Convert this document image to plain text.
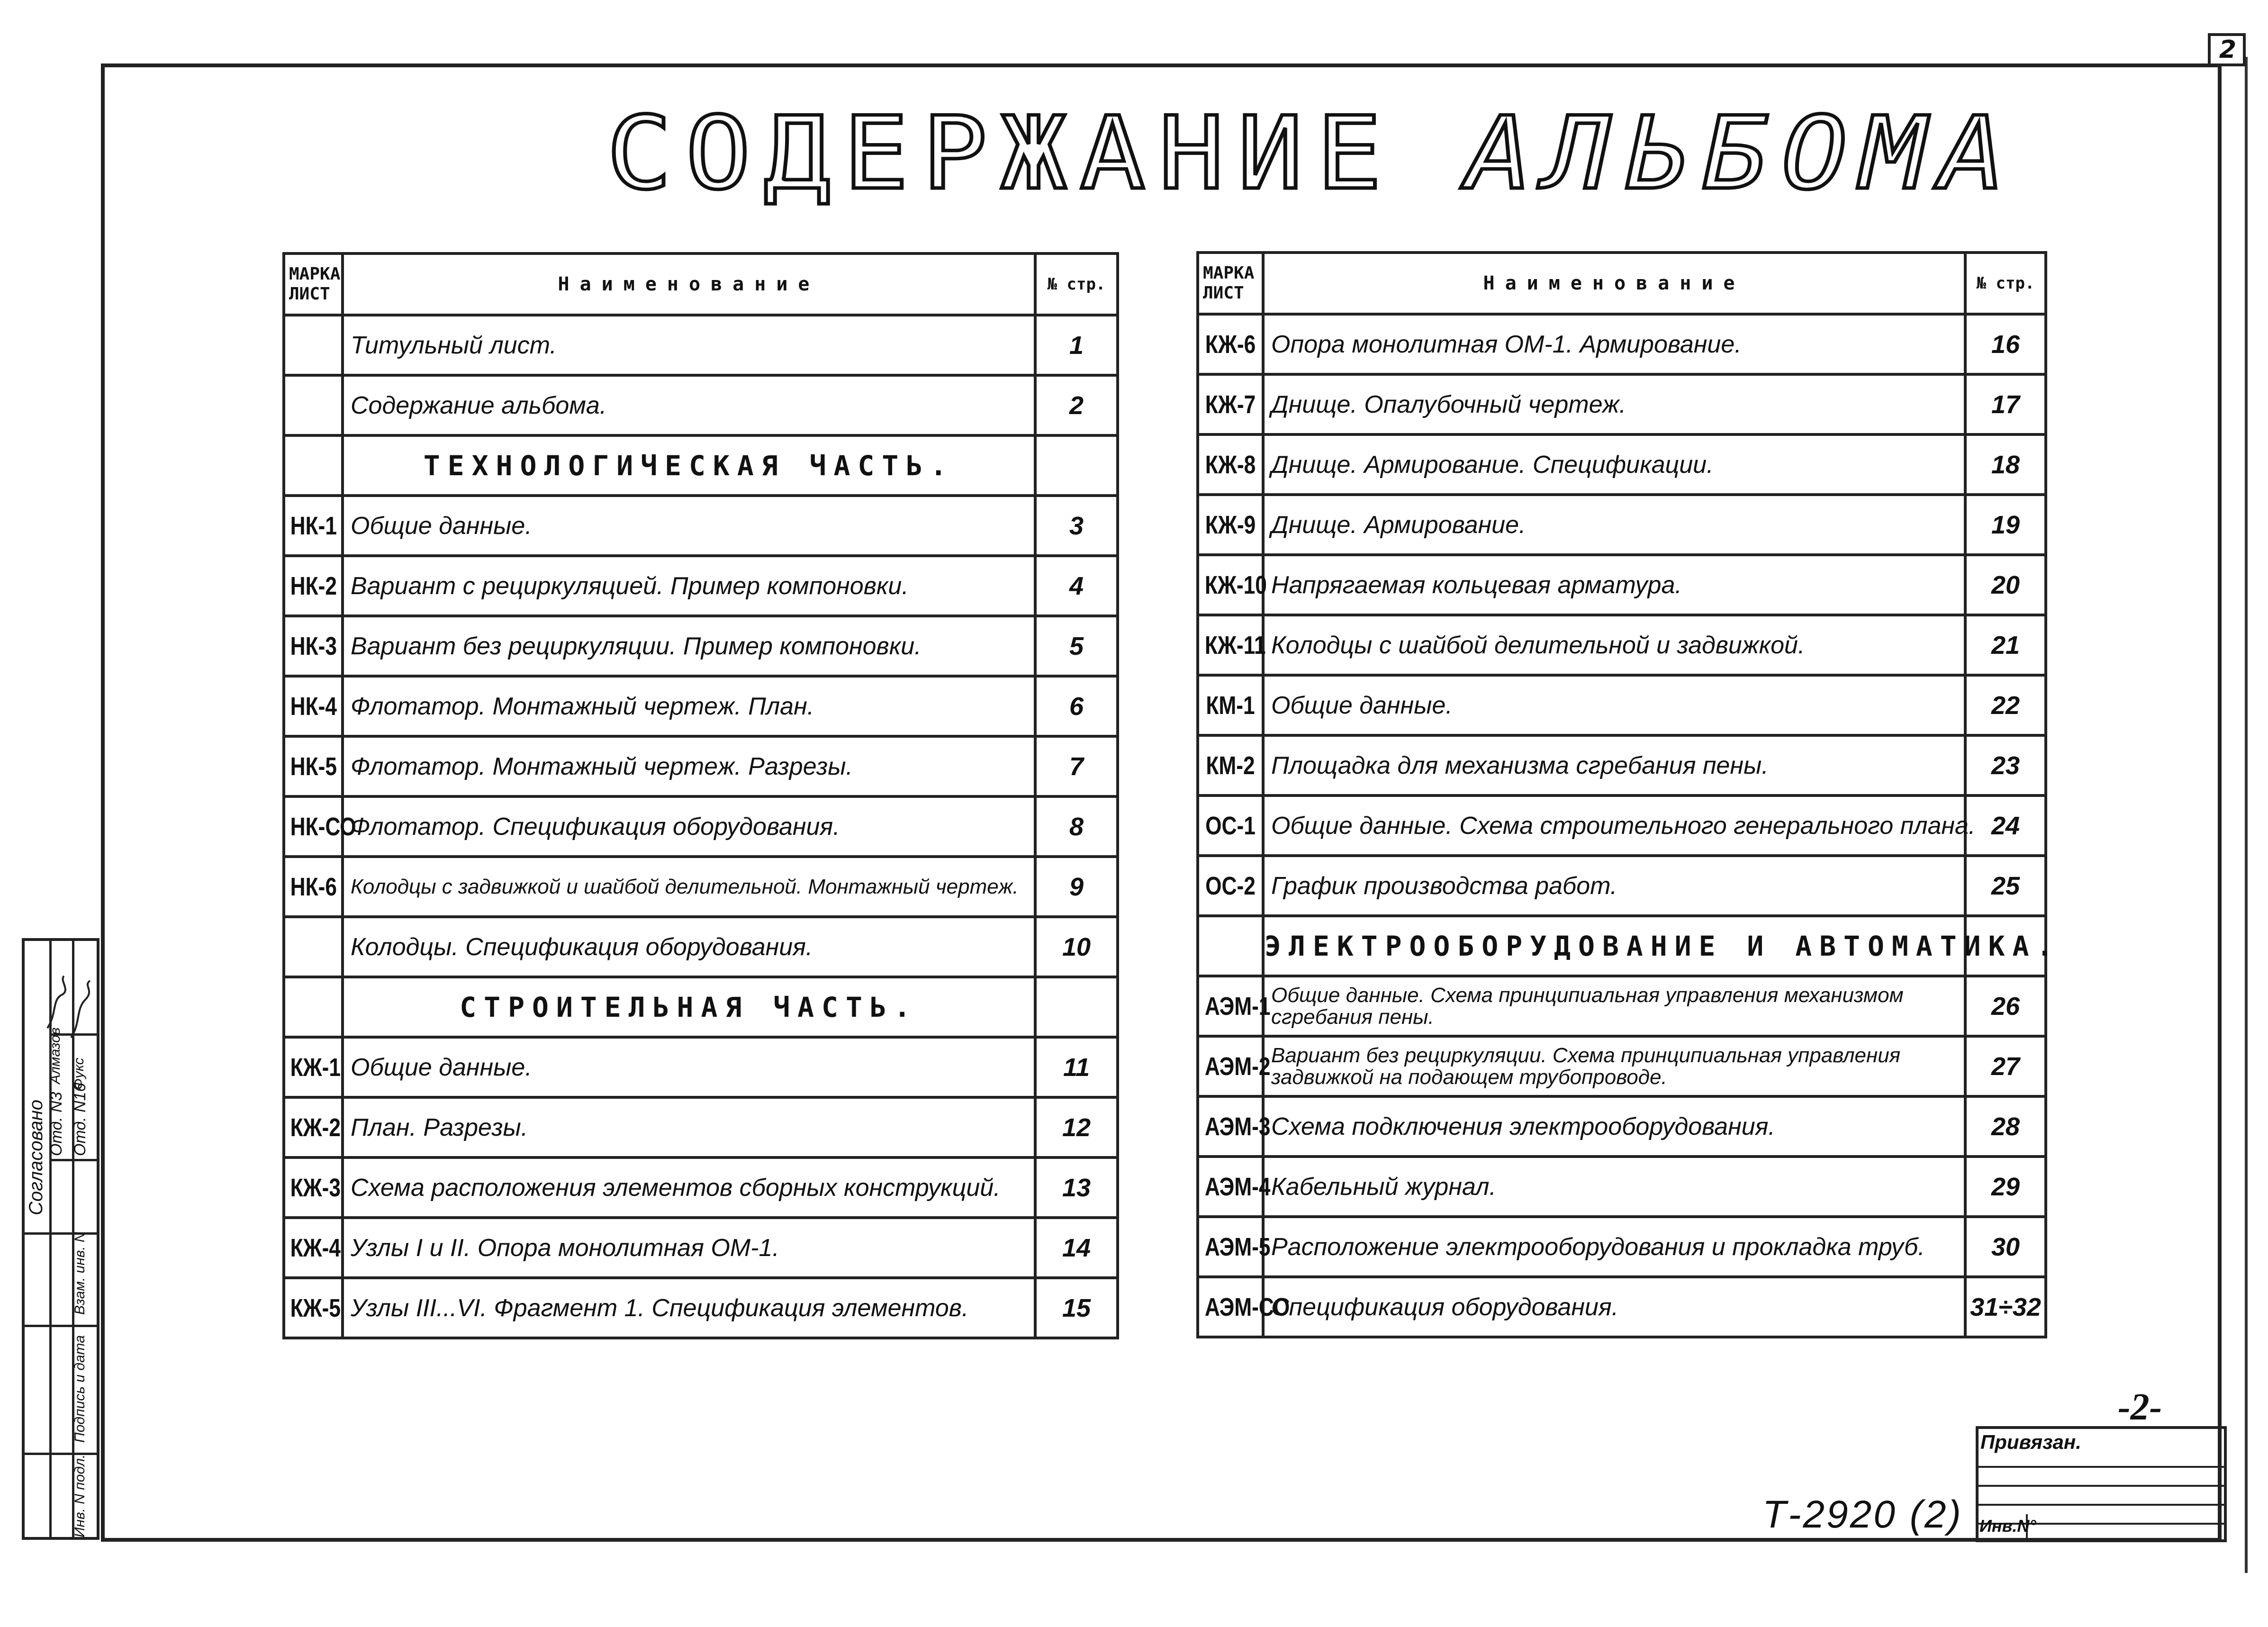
2
СОДЕРЖАНИЕ АЛЬБОМА
МАРКА ЛИСТ	Наименование	№ стр.
	Титульный лист.	1
	Содержание альбома.	2
	ТЕХНОЛОГИЧЕСКАЯ ЧАСТЬ.	
НК-1	Общие данные.	3
НК-2	Вариант с рециркуляцией. Пример компоновки.	4
НК-3	Вариант без рециркуляции. Пример компоновки.	5
НК-4	Флотатор. Монтажный чертеж. План.	6
НК-5	Флотатор. Монтажный чертеж. Разрезы.	7
НК-СО	Флотатор. Спецификация оборудования.	8
НК-6	Колодцы с задвижкой и шайбой делительной. Монтажный чертеж.	9
	Колодцы. Спецификация оборудования.	10
	СТРОИТЕЛЬНАЯ ЧАСТЬ.	
КЖ-1	Общие данные.	11
КЖ-2	План. Разрезы.	12
КЖ-3	Схема расположения элементов сборных конструкций.	13
КЖ-4	Узлы I и II. Опора монолитная ОМ-1.	14
КЖ-5	Узлы III...VI. Фрагмент 1. Спецификация элементов.	15
МАРКА ЛИСТ	Наименование	№ стр.
КЖ-6	Опора монолитная ОМ-1. Армирование.	16
КЖ-7	Днище. Опалубочный чертеж.	17
КЖ-8	Днище. Армирование. Спецификации.	18
КЖ-9	Днище. Армирование.	19
КЖ-10	Напрягаемая кольцевая арматура.	20
КЖ-11	Колодцы с шайбой делительной и задвижкой.	21
КМ-1	Общие данные.	22
КМ-2	Площадка для механизма сгребания пены.	23
ОС-1	Общие данные. Схема строительного генерального плана.	24
ОС-2	График производства работ.	25
	ЭЛЕКТРООБОРУДОВАНИЕ И АВТОМАТИКА.	
АЭМ-1	Общие данные. Схема принципиальная управления механизмом сгребания пены.	26
АЭМ-2	Вариант без рециркуляции. Схема принципиальная управления задвижкой на подающем трубопроводе.	27
АЭМ-3	Схема подключения электрооборудования.	28
АЭМ-4	Кабельный журнал.	29
АЭМ-5	Расположение электрооборудования и прокладка труб.	30
АЭМ-СО	Спецификация оборудования.	31÷32
Согласовано Отд. N3
Алмазов
Отд. N16
Фукс
Взам. инв. N
Подпись и дата
Инв. N подл.
Привязан.
Инв.N°
-2-
Т-2920 (2)
